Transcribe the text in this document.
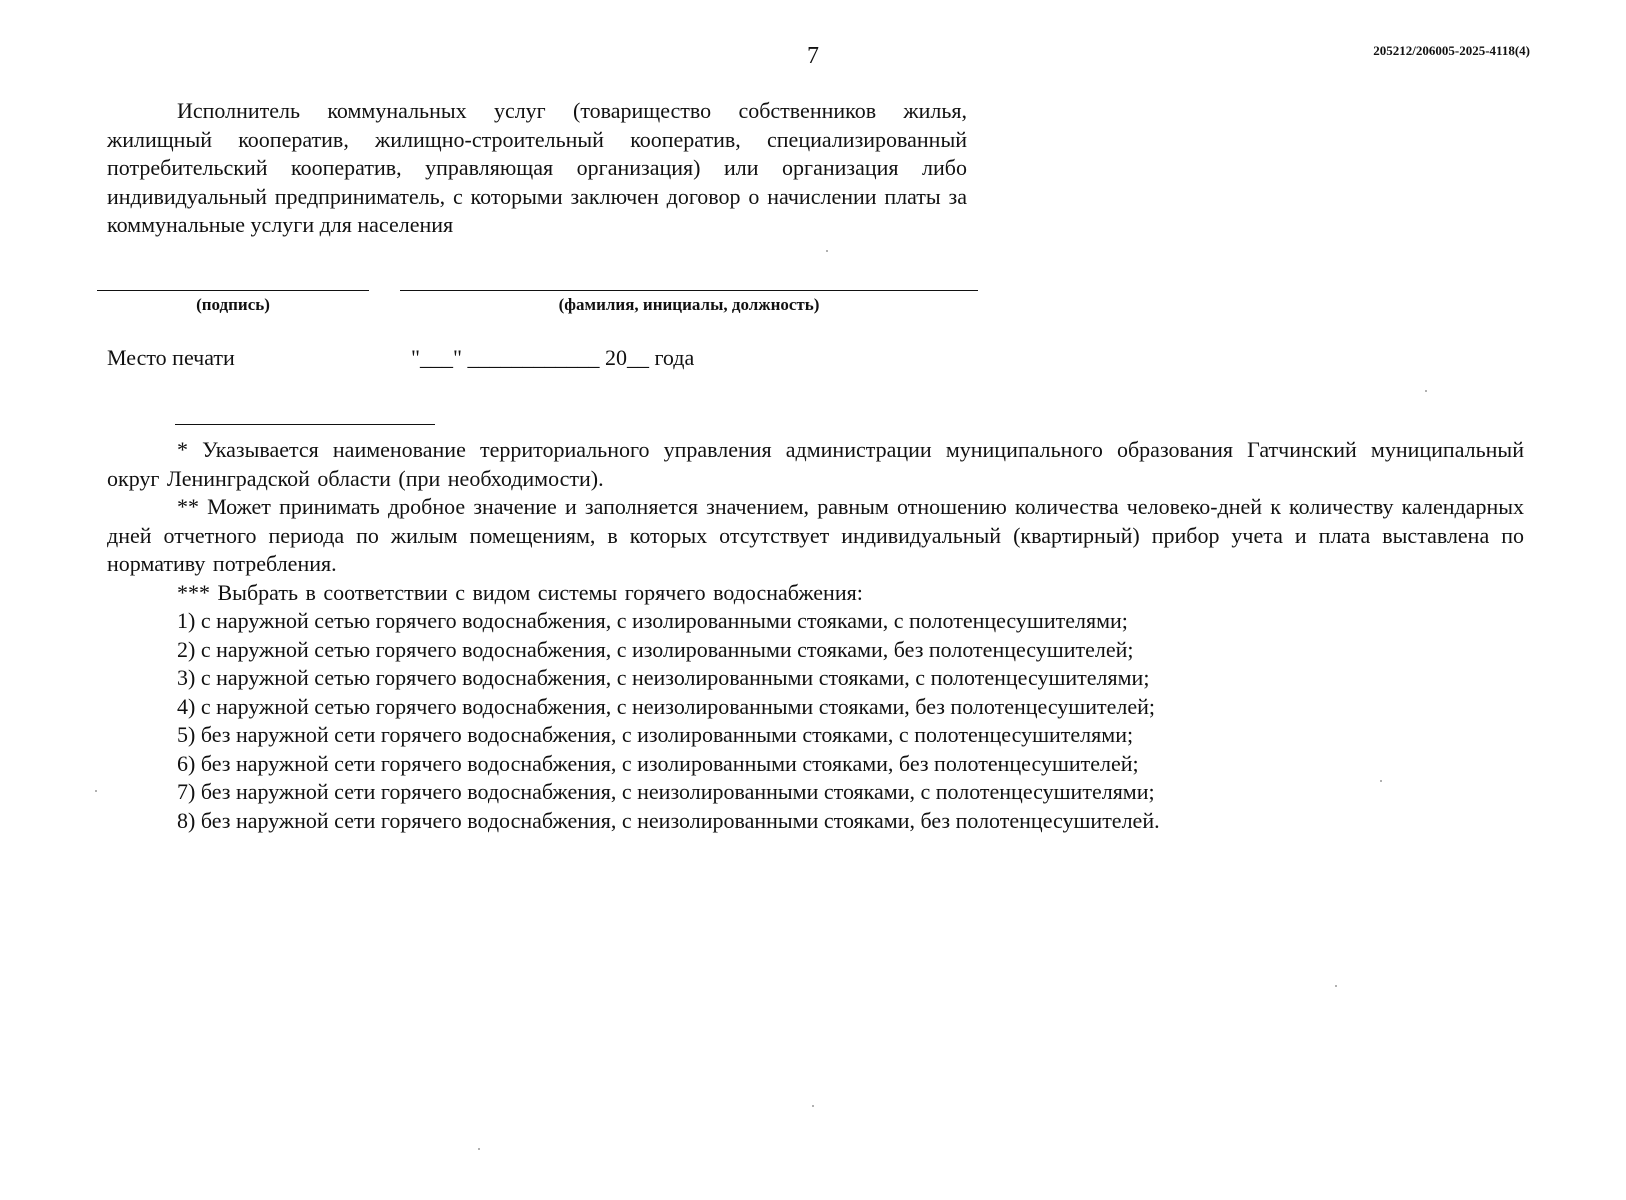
7	205212/206005-2025-4118(4)

Исполнитель коммунальных услуг (товарищество собственников жилья, жилищный кооператив, жилищно-строительный кооператив, специализированный потребительский кооператив, управляющая организация) или организация либо индивидуальный предприниматель, с которыми заключен договор о начислении платы за коммунальные услуги для населения

(подпись)	(фамилия, инициалы, должность)
Место печати	"___" ____________ 20__ года

* Указывается наименование территориального управления администрации муниципального образования Гатчинский муниципальный округ Ленинградской области (при необходимости).

** Может принимать дробное значение и заполняется значением, равным отношению количества человеко-дней к количеству календарных дней отчетного периода по жилым помещениям, в которых отсутствует индивидуальный (квартирный) прибор учета и плата выставлена по нормативу потребления.

*** Выбрать в соответствии с видом системы горячего водоснабжения:

1) с наружной сетью горячего водоснабжения, с изолированными стояками, с полотенцесушителями;
2) с наружной сетью горячего водоснабжения, с изолированными стояками, без полотенцесушителей;
3) с наружной сетью горячего водоснабжения, с неизолированными стояками, с полотенцесушителями;
4) с наружной сетью горячего водоснабжения, с неизолированными стояками, без полотенцесушителей;
5) без наружной сети горячего водоснабжения, с изолированными стояками, с полотенцесушителями;
6) без наружной сети горячего водоснабжения, с изолированными стояками, без полотенцесушителей;
7) без наружной сети горячего водоснабжения, с неизолированными стояками, с полотенцесушителями;
8) без наружной сети горячего водоснабжения, с неизолированными стояками, без полотенцесушителей.
